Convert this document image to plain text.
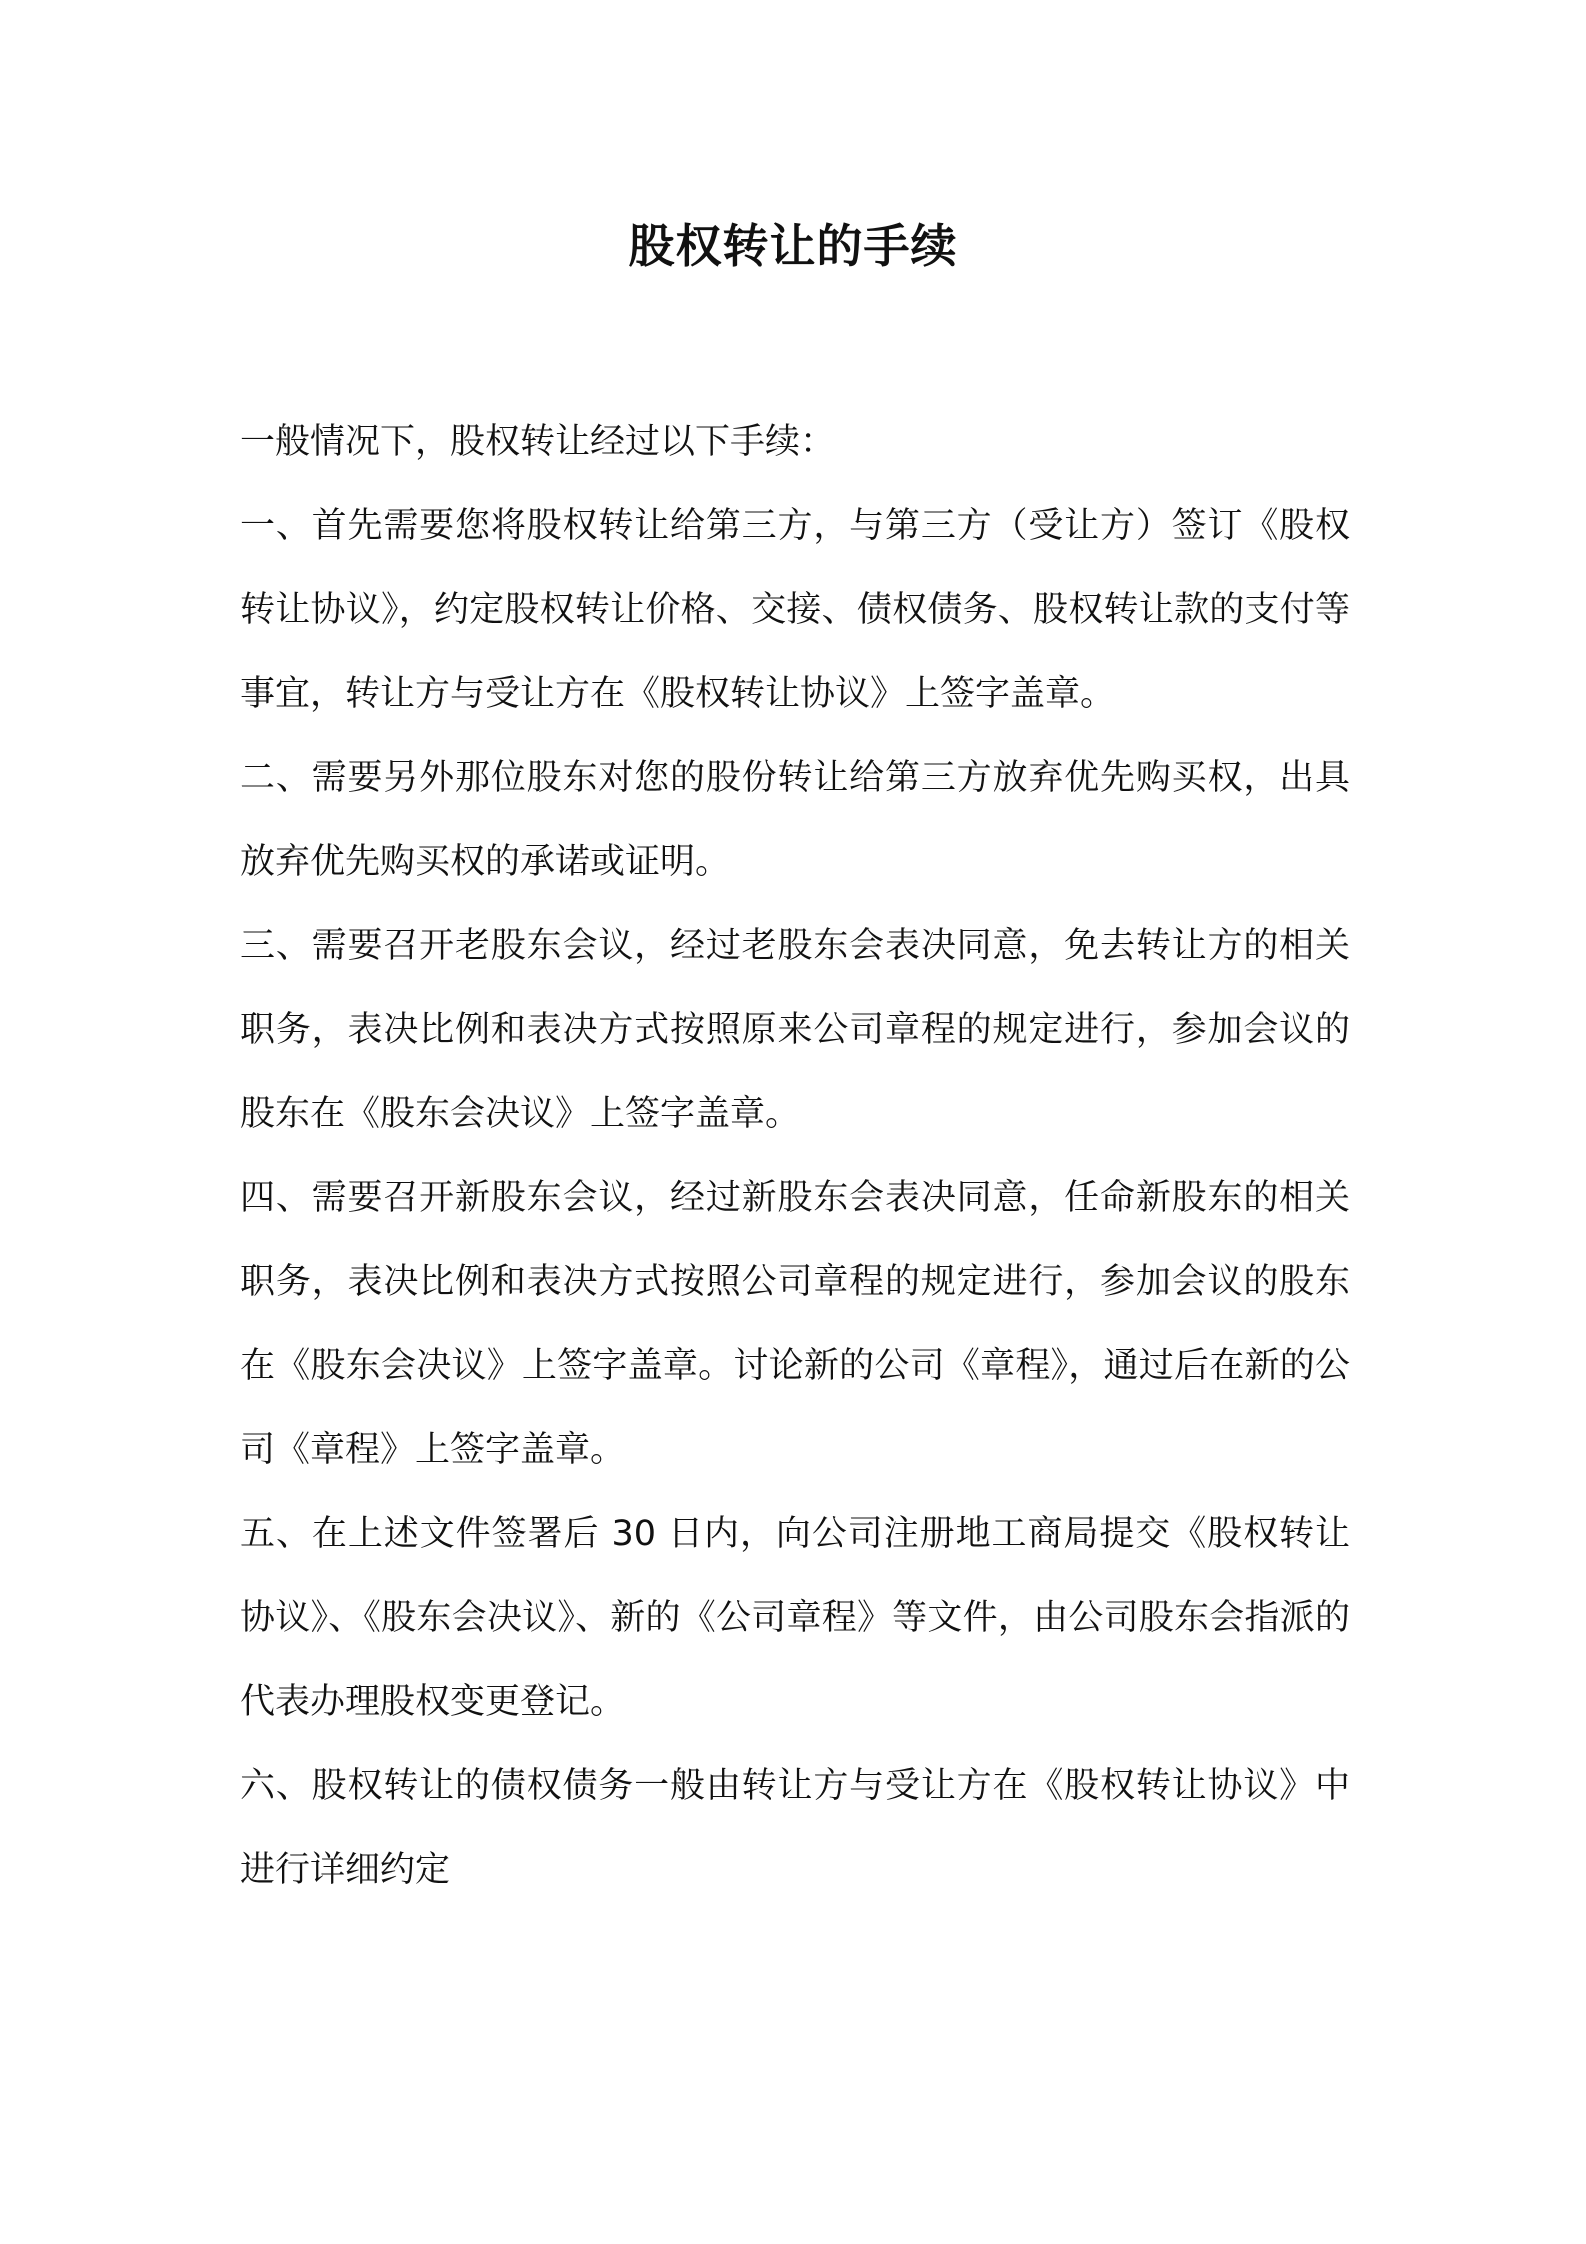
股权转让的手续

一般情况下，股权转让经过以下手续：

一、首先需要您将股权转让给第三方，与第三方（受让方）签订《股权转让协议》，约定股权转让价格、交接、债权债务、股权转让款的支付等事宜，转让方与受让方在《股权转让协议》上签字盖章。

二、需要另外那位股东对您的股份转让给第三方放弃优先购买权，出具放弃优先购买权的承诺或证明。

三、需要召开老股东会议，经过老股东会表决同意，免去转让方的相关职务，表决比例和表决方式按照原来公司章程的规定进行，参加会议的股东在《股东会决议》上签字盖章。

四、需要召开新股东会议，经过新股东会表决同意，任命新股东的相关职务，表决比例和表决方式按照公司章程的规定进行，参加会议的股东在《股东会决议》上签字盖章。讨论新的公司《章程》，通过后在新的公司《章程》上签字盖章。

五、在上述文件签署后 30 日内，向公司注册地工商局提交《股权转让协议》、《股东会决议》、新的《公司章程》等文件，由公司股东会指派的代表办理股权变更登记。

六、股权转让的债权债务一般由转让方与受让方在《股权转让协议》中进行详细约定
